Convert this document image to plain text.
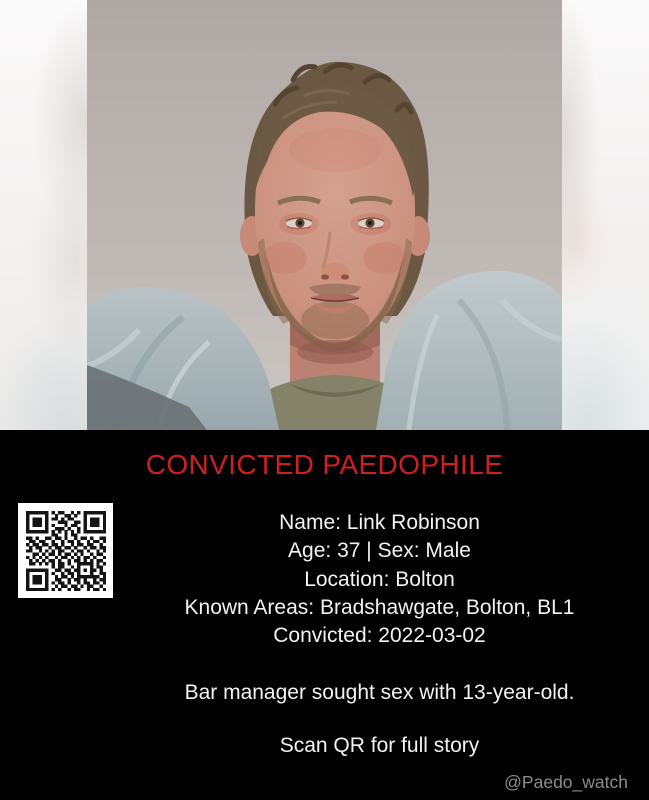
CONVICTED PAEDOPHILE
Name: Link Robinson
Age: 37 | Sex: Male
Location: Bolton
Known Areas: Bradshawgate, Bolton, BL1
Convicted: 2022-03-02
Bar manager sought sex with 13-year-old.
Scan QR for full story
@Paedo_watch
